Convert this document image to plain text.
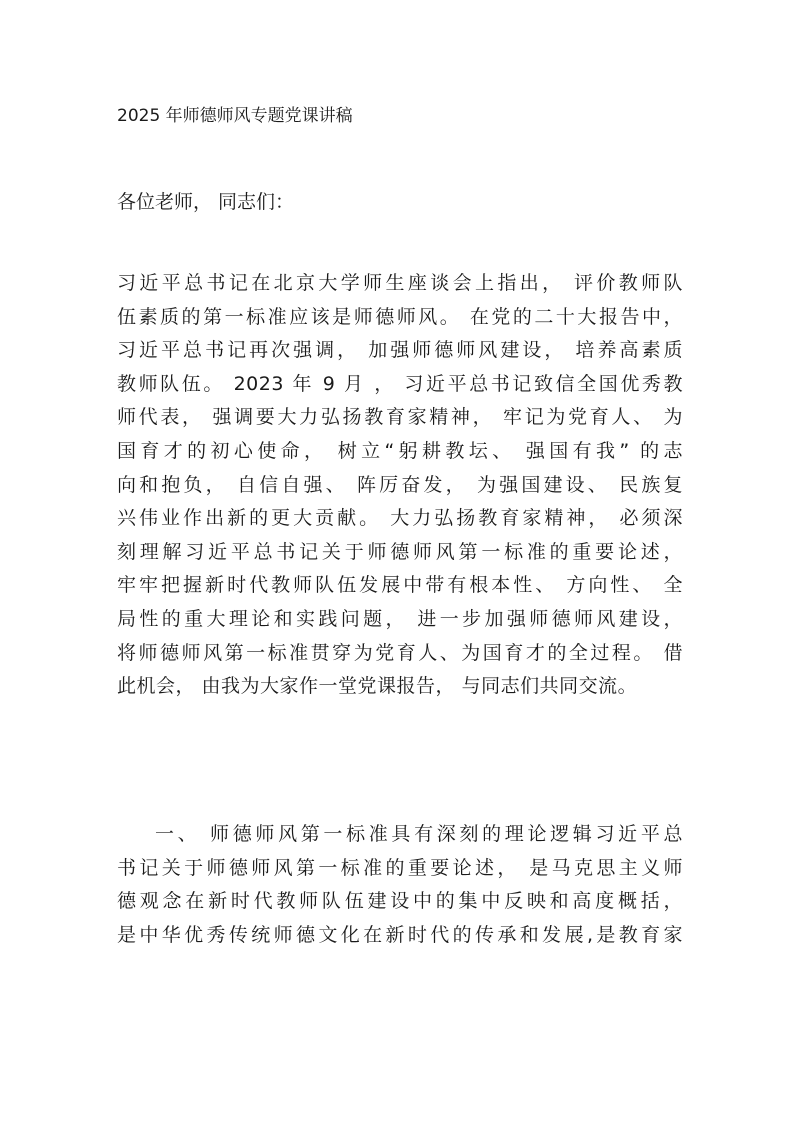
2025 年师德师风专题党课讲稿
各位老师， 同志们：
习近平总书记在北京大学师生座谈会上指出， 评价教师队
伍素质的第一标准应该是师德师风。 在党的二十大报告中，
习近平总书记再次强调， 加强师德师风建设， 培养高素质
教师队伍。 2023 年 9 月 ， 习近平总书记致信全国优秀教
师代表， 强调要大力弘扬教育家精神， 牢记为党育人、 为
国育才的初心使命， 树立“躬耕教坛、 强国有我” 的志
向和抱负， 自信自强、 阵厉奋发， 为强国建设、 民族复
兴伟业作出新的更大贡献。 大力弘扬教育家精神， 必须深
刻理解习近平总书记关于师德师风第一标准的重要论述，
牢牢把握新时代教师队伍发展中带有根本性、 方向性、 全
局性的重大理论和实践问题， 进一步加强师德师风建设，
将师德师风第一标准贯穿为党育人、为国育才的全过程。 借
此机会， 由我为大家作一堂党课报告， 与同志们共同交流。
一、 师德师风第一标准具有深刻的理论逻辑习近平总
书记关于师德师风第一标准的重要论述， 是马克思主义师
德观念在新时代教师队伍建设中的集中反映和高度概括，
是中华优秀传统师德文化在新时代的传承和发展,是教育家
